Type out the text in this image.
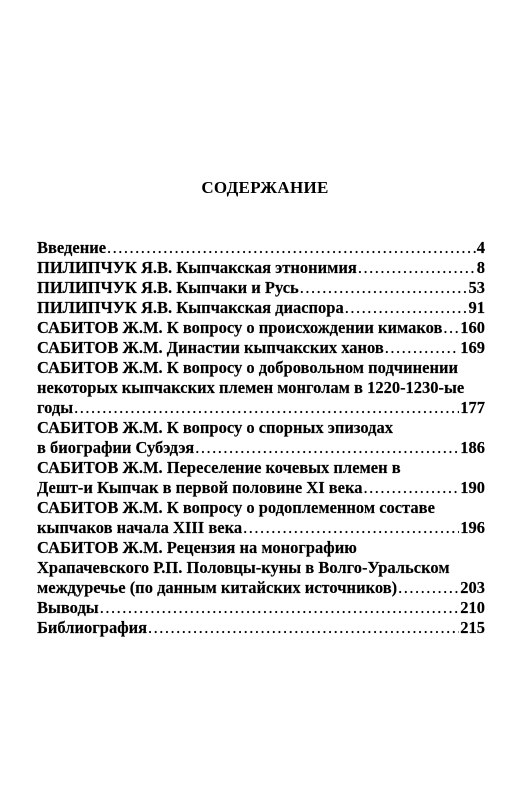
СОДЕРЖАНИЕ
Введение .....	4
ПИЛИПЧУК Я.В. Кыпчакская этнонимия .....	8
ПИЛИПЧУК Я.В. Кыпчаки и Русь .....	53
ПИЛИПЧУК Я.В. Кыпчакская диаспора .....	91
САБИТОВ Ж.М. К вопросу о происхождении кимаков ..... 160
САБИТОВ Ж.М. Династии кыпчакских ханов .....	169
САБИТОВ Ж.М. К вопросу о добровольном подчинении
некоторых кыпчакских племен монголам в 1220-1230-ые
годы .....	177
САБИТОВ Ж.М. К вопросу о спорных эпизодах
в биографии Субэдэя .....	186
САБИТОВ Ж.М. Переселение кочевых племен в
Дешт-и Кыпчак в первой половине XI века .....	190
САБИТОВ Ж.М. К вопросу о родоплеменном составе
кыпчаков начала XIII века .....	196
САБИТОВ Ж.М. Рецензия на монографию
Храпачевского Р.П. Половцы-куны в Волго-Уральском
междуречье (по данным китайских источников) .....	203
Выводы .....	210
Библиография .....	215
